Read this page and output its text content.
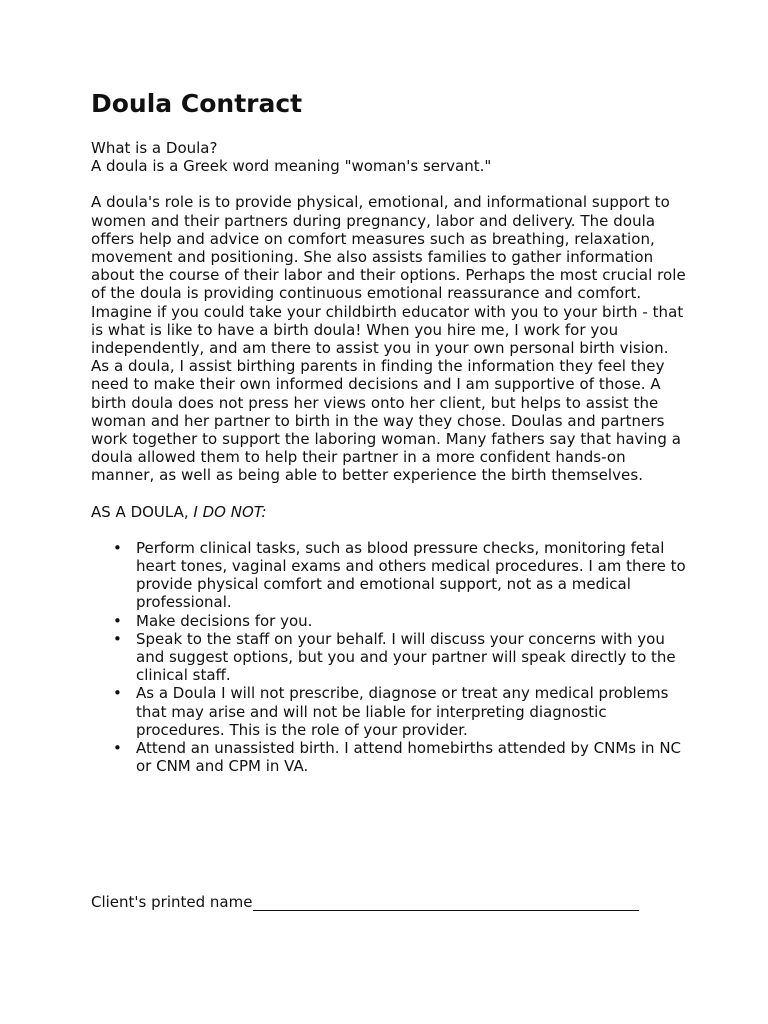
Doula Contract

What is a Doula?

A doula is a Greek word meaning "woman's servant."

A doula's role is to provide physical, emotional, and informational support to women and their partners during pregnancy, labor and delivery. The doula offers help and advice on comfort measures such as breathing, relaxation, movement and positioning. She also assists families to gather information about the course of their labor and their options. Perhaps the most crucial role of the doula is providing continuous emotional reassurance and comfort. Imagine if you could take your childbirth educator with you to your birth - that is what is like to have a birth doula! When you hire me, I work for you independently, and am there to assist you in your own personal birth vision. As a doula, I assist birthing parents in finding the information they feel they need to make their own informed decisions and I am supportive of those. A birth doula does not press her views onto her client, but helps to assist the woman and her partner to birth in the way they chose. Doulas and partners work together to support the laboring woman. Many fathers say that having a doula allowed them to help their partner in a more confident hands-on manner, as well as being able to better experience the birth themselves.

AS A DOULA, I DO NOT:

• Perform clinical tasks, such as blood pressure checks, monitoring fetal heart tones, vaginal exams and others medical procedures. I am there to provide physical comfort and emotional support, not as a medical professional.
• Make decisions for you.
• Speak to the staff on your behalf. I will discuss your concerns with you and suggest options, but you and your partner will speak directly to the clinical staff.
• As a Doula I will not prescribe, diagnose or treat any medical problems that may arise and will not be liable for interpreting diagnostic procedures. This is the role of your provider.
• Attend an unassisted birth. I attend homebirths attended by CNMs in NC or CNM and CPM in VA.
Client's printed name
